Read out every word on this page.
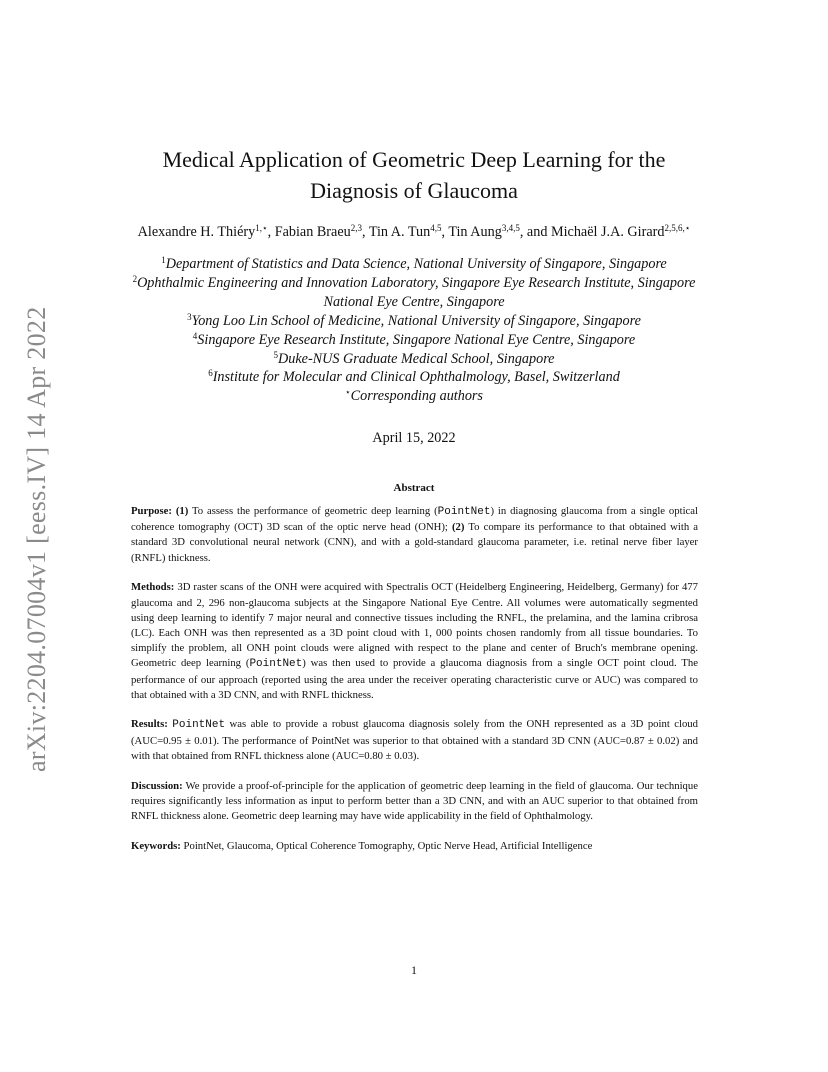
arXiv:2204.07004v1 [eess.IV] 14 Apr 2022
Medical Application of Geometric Deep Learning for the
Diagnosis of Glaucoma
Alexandre H. Thiéry$^{1,⋆}$, Fabian Braeu$^{2,3}$, Tin A. Tun$^{4,5}$, Tin Aung$^{3,4,5}$, and Michaël J.A. Girard$^{2,5,6,⋆}$
$^1$Department of Statistics and Data Science, National University of Singapore, Singapore
$^2$Ophthalmic Engineering and Innovation Laboratory, Singapore Eye Research Institute, Singapore
National Eye Centre, Singapore
$^3$Yong Loo Lin School of Medicine, National University of Singapore, Singapore
$^4$Singapore Eye Research Institute, Singapore National Eye Centre, Singapore
$^5$Duke-NUS Graduate Medical School, Singapore
$^6$Institute for Molecular and Clinical Ophthalmology, Basel, Switzerland
⋆Corresponding authors
April 15, 2022
Abstract

Purpose: (1) To assess the performance of geometric deep learning (PointNet) in diagnosing glaucoma from a single optical coherence tomography (OCT) 3D scan of the optic nerve head (ONH); (2) To compare its performance to that obtained with a standard 3D convolutional neural network (CNN), and with a gold-standard glaucoma parameter, i.e. retinal nerve fiber layer (RNFL) thickness.

Methods: 3D raster scans of the ONH were acquired with Spectralis OCT (Heidelberg Engineering, Heidelberg, Germany) for 477 glaucoma and 2, 296 non-glaucoma subjects at the Singapore National Eye Centre. All volumes were automatically segmented using deep learning to identify 7 major neural and connective tissues including the RNFL, the prelamina, and the lamina cribrosa (LC). Each ONH was then represented as a 3D point cloud with 1, 000 points chosen randomly from all tissue boundaries. To simplify the problem, all ONH point clouds were aligned with respect to the plane and center of Bruch's membrane opening. Geometric deep learning (PointNet) was then used to provide a glaucoma diagnosis from a single OCT point cloud. The performance of our approach (reported using the area under the receiver operating characteristic curve or AUC) was compared to that obtained with a 3D CNN, and with RNFL thickness.

Results: PointNet was able to provide a robust glaucoma diagnosis solely from the ONH represented as a 3D point cloud (AUC=0.95 ± 0.01). The performance of PointNet was superior to that obtained with a standard 3D CNN (AUC=0.87 ± 0.02) and with that obtained from RNFL thickness alone (AUC=0.80 ± 0.03).

Discussion: We provide a proof-of-principle for the application of geometric deep learning in the field of glaucoma. Our technique requires significantly less information as input to perform better than a 3D CNN, and with an AUC superior to that obtained from RNFL thickness alone. Geometric deep learning may have wide applicability in the field of Ophthalmology.

Keywords: PointNet, Glaucoma, Optical Coherence Tomography, Optic Nerve Head, Artificial Intelligence

1
